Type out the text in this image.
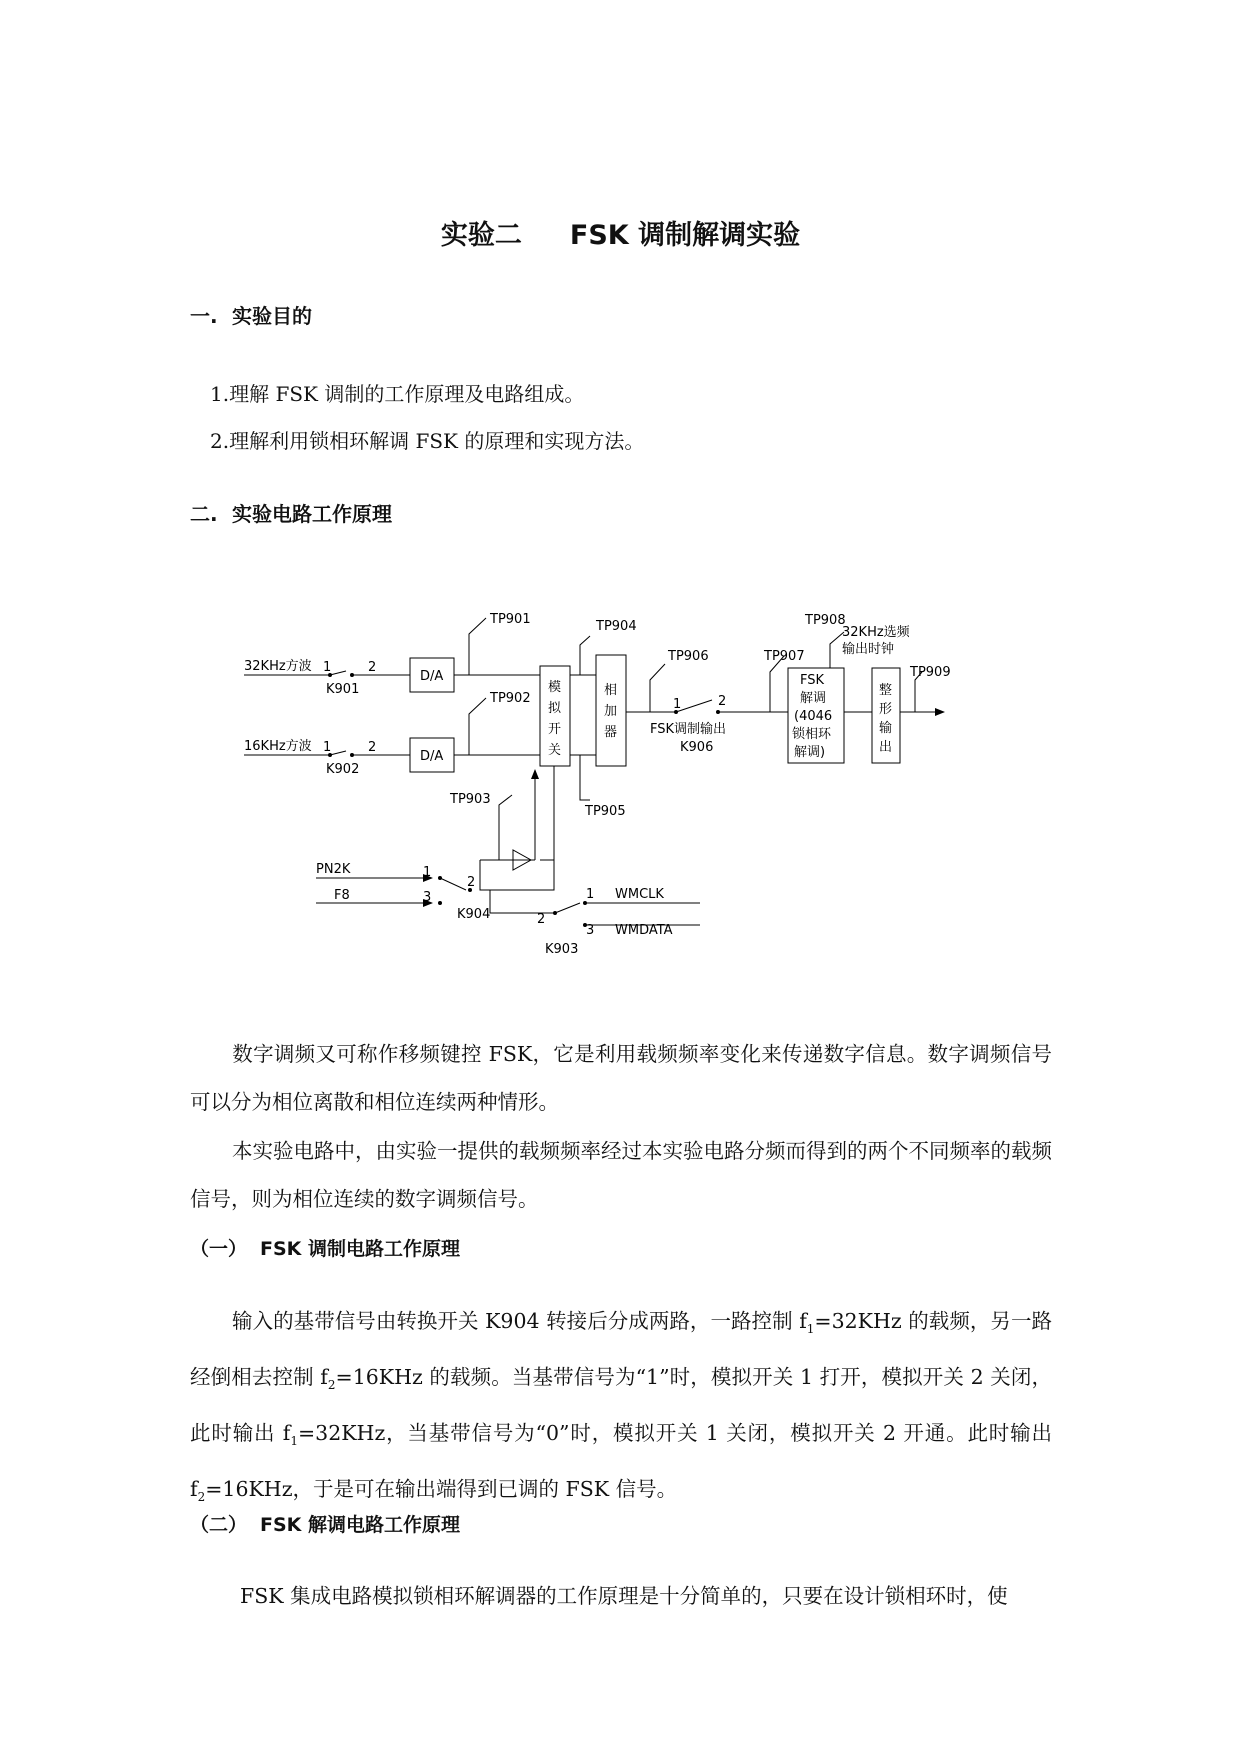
实验二 FSK 调制解调实验
一. 实验目的
1.理解 FSK 调制的工作原理及电路组成。
2.理解利用锁相环解调 FSK 的原理和实现方法。
二. 实验电路工作原理
32KHz方波 1	2
K901
D/A
TP901
16KHz方波 1	2
K902
D/A
TP902
模
拟
开
关
相
加
器
TP904
TP905
TP906
1	2
FSK调制输出
K906
TP907
FSK
解调
(4046
锁相环
解调)
TP908
32KHz选频
输出时钟
整
形
输
出
TP909
TP903
PN2K
F8
1
3
2
K904	2
1
3
WMCLK
WMDATA
K903
数字调频又可称作移频键控 FSK，它是利用载频频率变化来传递数字信息。数字调频信号可以分为相位离散和相位连续两种情形。
本实验电路中，由实验一提供的载频频率经过本实验电路分频而得到的两个不同频率的载频信号，则为相位连续的数字调频信号。
（一） FSK 调制电路工作原理
输入的基带信号由转换开关 K904 转接后分成两路，一路控制 $f_1=32KHz$ 的载频，另一路经倒相去控制 $f_2=16KHz$ 的载频。当基带信号为“1”时，模拟开关 1 打开，模拟开关 2 关闭，此时输出 $f_1=32KHz$，当基带信号为“0”时，模拟开关 1 关闭，模拟开关 2 开通。此时输出 $f_2=16KHz$，于是可在输出端得到已调的 FSK 信号。
（二） FSK 解调电路工作原理
FSK 集成电路模拟锁相环解调器的工作原理是十分简单的，只要在设计锁相环时，使
